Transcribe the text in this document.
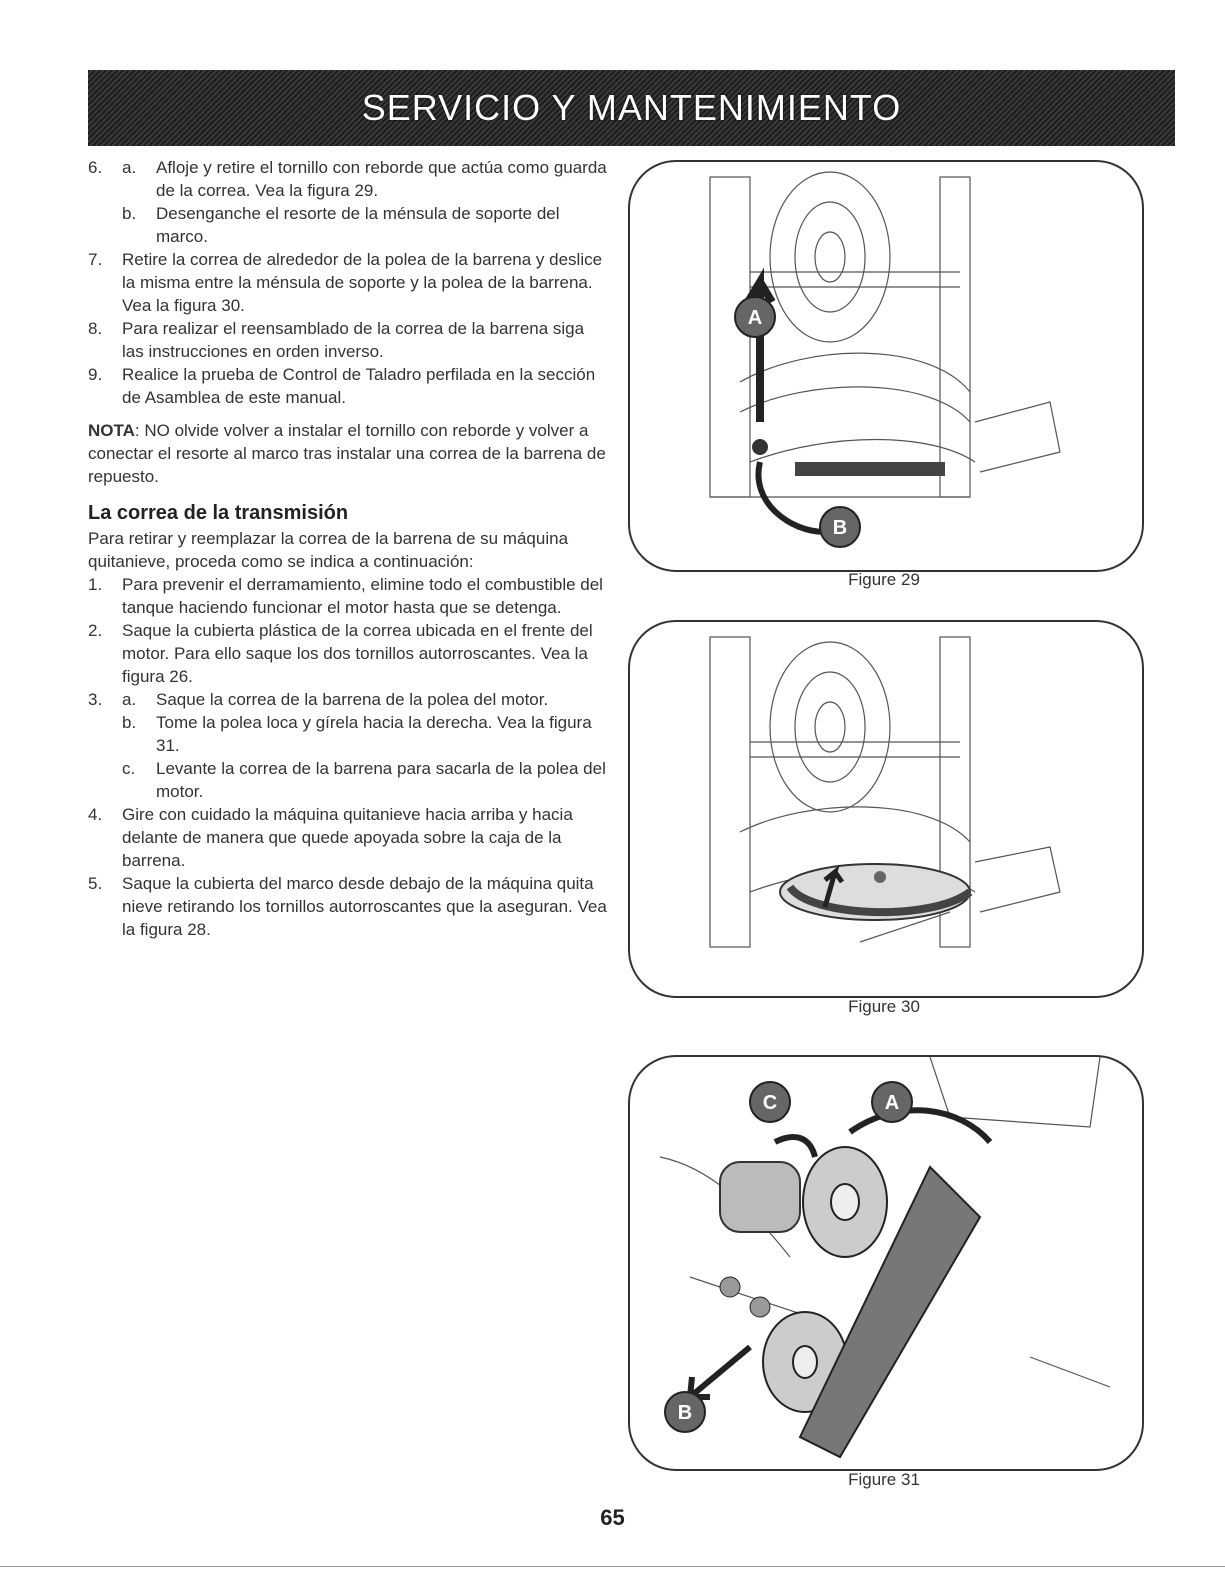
SERVICIO Y MANTENIMIENTO
6.	a.	Afloje y retire el tornillo con reborde que actúa como guarda de la correa. Vea la figura 29.
b.	Desenganche el resorte de la ménsula de soporte del marco.
7.	Retire la correa de alrededor de la polea de la barrena y deslice la misma entre la ménsula de soporte y la polea de la barrena. Vea la figura 30.
8.	Para realizar el reensamblado de la correa de la barrena siga las instrucciones en orden inverso.
9.	Realice la prueba de Control de Taladro perfilada en la sección de Asamblea de este manual.

NOTA: NO olvide volver a instalar el tornillo con reborde y volver a conectar el resorte al marco tras instalar una correa de la barrena de repuesto.

La correa de la transmisión

Para retirar y reemplazar la correa de la barrena de su máquina quitanieve, proceda como se indica a continuación:

1.	Para prevenir el derramamiento, elimine todo el combustible del tanque haciendo funcionar el motor hasta que se detenga.
2.	Saque la cubierta plástica de la correa ubicada en el frente del motor. Para ello saque los dos tornillos autorroscantes. Vea la figura 26.
3.	a.	Saque la correa de la barrena de la polea del motor.
b.	Tome la polea loca y gírela hacia la derecha. Vea la figura 31.
c.	Levante la correa de la barrena para sacarla de la polea del motor.
4.	Gire con cuidado la máquina quitanieve hacia arriba y hacia delante de manera que quede apoyada sobre la caja de la barrena.
5.	Saque la cubierta del marco desde debajo de la máquina quita nieve retirando los tornillos autorroscantes que la aseguran. Vea la figura 28.
A
B
Figure 29
Figure 30
C	A
B
Figure 31
65
